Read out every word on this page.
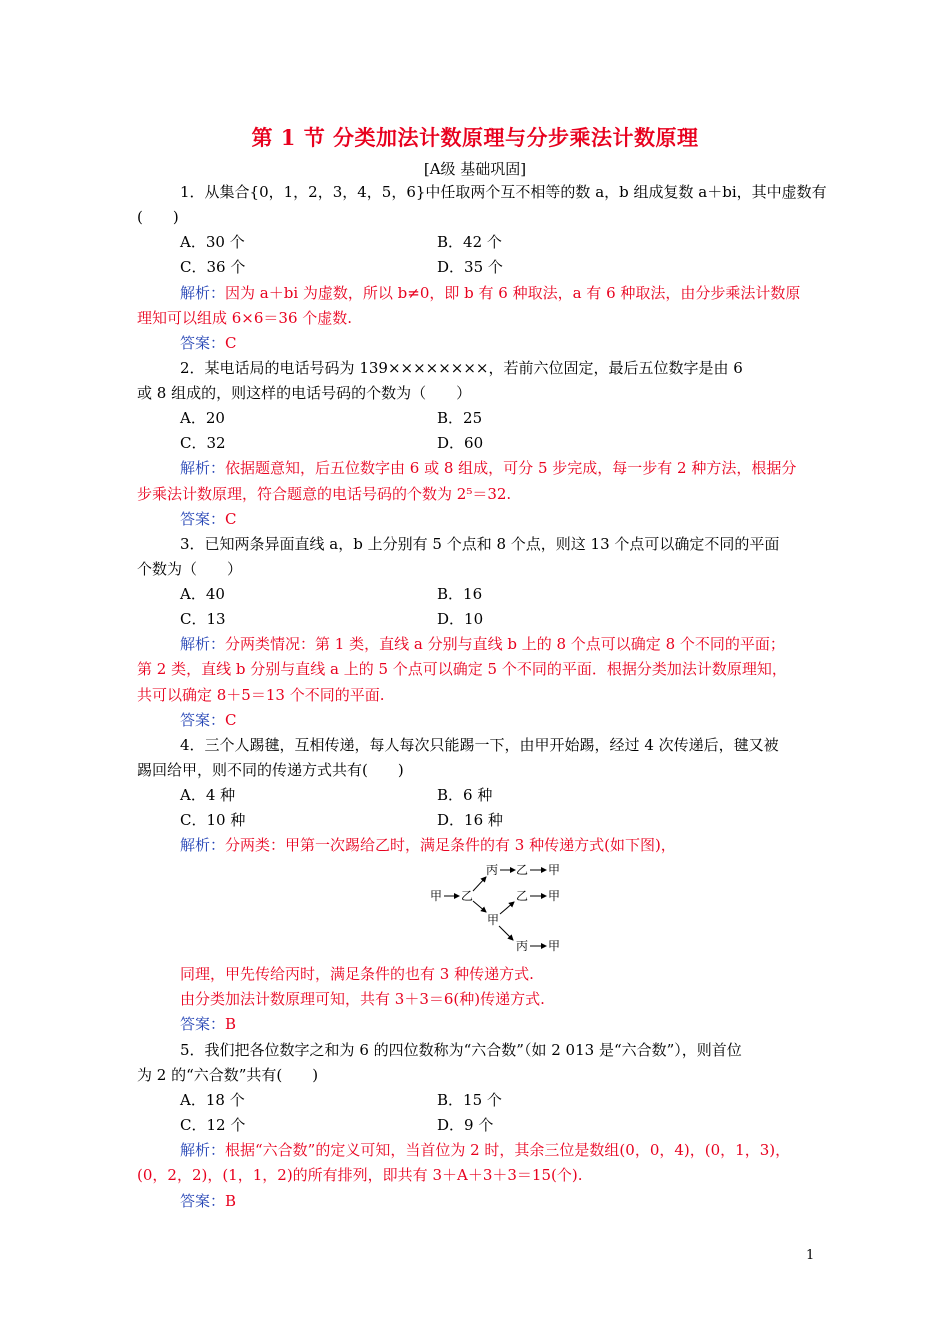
第 1 节 分类加法计数原理与分步乘法计数原理
[A级 基础巩固]
1．从集合{0，1，2，3，4，5，6}中任取两个互不相等的数 a，b 组成复数 a＋bi，其中虚数有
(　　)
A．30 个	B．42 个
C．36 个	D．35 个
解析：因为 a＋bi 为虚数，所以 b≠0，即 b 有 6 种取法，a 有 6 种取法，由分步乘法计数原
理知可以组成 6×6＝36 个虚数.
答案：C
2．某电话局的电话号码为 139××××××××，若前六位固定，最后五位数字是由 6
或 8 组成的，则这样的电话号码的个数为（　　）
A．20	B．25
C．32	D．60
解析：依据题意知，后五位数字由 6 或 8 组成，可分 5 步完成，每一步有 2 种方法，根据分
步乘法计数原理，符合题意的电话号码的个数为 2⁵＝32.
答案：C
3．已知两条异面直线 a，b 上分别有 5 个点和 8 个点，则这 13 个点可以确定不同的平面
个数为（　　）
A．40	B．16
C．13	D．10
解析：分两类情况：第 1 类，直线 a 分别与直线 b 上的 8 个点可以确定 8 个不同的平面；
第 2 类，直线 b 分别与直线 a 上的 5 个点可以确定 5 个不同的平面．根据分类加法计数原理知，
共可以确定 8＋5＝13 个不同的平面.
答案：C
4．三个人踢毽，互相传递，每人每次只能踢一下，由甲开始踢，经过 4 次传递后，毽又被
踢回给甲，则不同的传递方式共有(　　)
A．4 种	B．6 种
C．10 种	D．16 种
解析：分两类：甲第一次踢给乙时，满足条件的有 3 种传递方式(如下图)，
丙 乙 甲
甲 乙
甲
乙 甲
丙 甲
同理，甲先传给丙时，满足条件的也有 3 种传递方式.
由分类加法计数原理可知，共有 3＋3＝6(种)传递方式.
答案：B
5．我们把各位数字之和为 6 的四位数称为“六合数”（如 2 013 是“六合数”），则首位
为 2 的“六合数”共有(　　)
A．18 个	B．15 个
C．12 个	D．9 个
解析：根据“六合数”的定义可知，当首位为 2 时，其余三位是数组(0，0，4)，(0，1，3)，
(0，2，2)，(1，1，2)的所有排列，即共有 3＋A＋3＋3＝15(个).
答案：B
1
